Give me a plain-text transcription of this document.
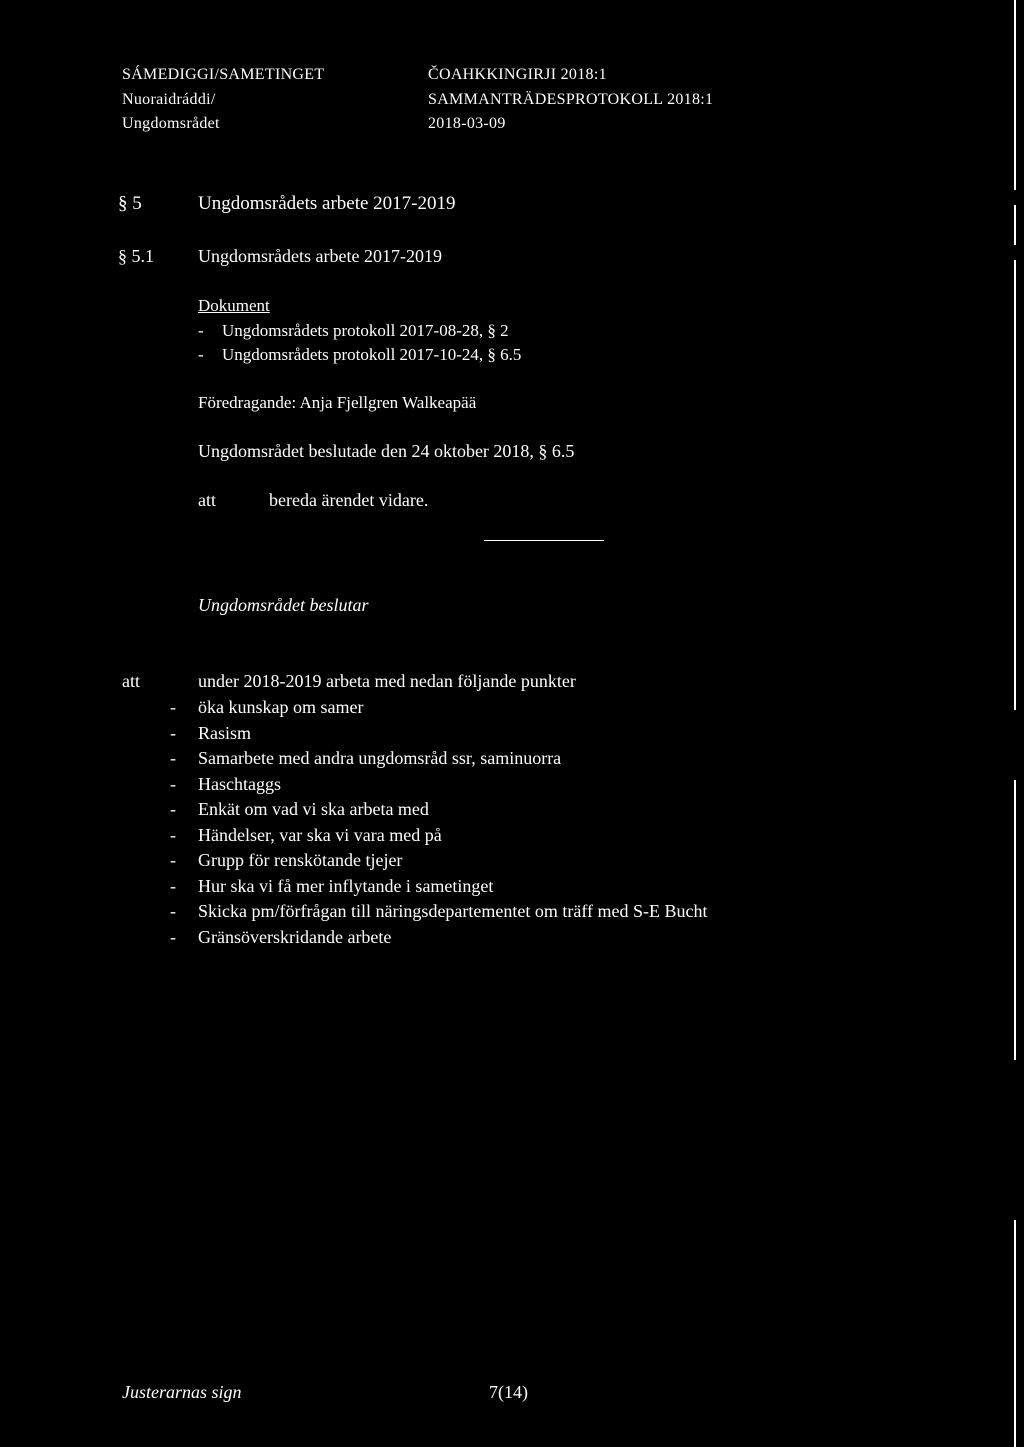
SÁMEDIGGI/SAMETINGET
Nuoraidráddi/
Ungdomsrådet
ČOAHKKINGIRJI 2018:1
SAMMANTRÄDESPROTOKOLL 2018:1
2018-03-09
§ 5	Ungdomsrådets arbete 2017-2019
§ 5.1 Ungdomsrådets arbete 2017-2019
Dokument
- Ungdomsrådets protokoll 2017-08-28, § 2
- Ungdomsrådets protokoll 2017-10-24, § 6.5
Föredragande: Anja Fjellgren Walkeapää
Ungdomsrådet beslutade den 24 oktober 2018, § 6.5
att	bereda ärendet vidare.
Ungdomsrådet beslutar
att	under 2018-2019 arbeta med nedan följande punkter
- öka kunskap om samer
- Rasism
- Samarbete med andra ungdomsråd ssr, saminuorra
- Haschtaggs
- Enkät om vad vi ska arbeta med
- Händelser, var ska vi vara med på
- Grupp för renskötande tjejer
- Hur ska vi få mer inflytande i sametinget
- Skicka pm/förfrågan till näringsdepartementet om träff med S-E Bucht
- Gränsöverskridande arbete
Justerarnas sign	7(14)
